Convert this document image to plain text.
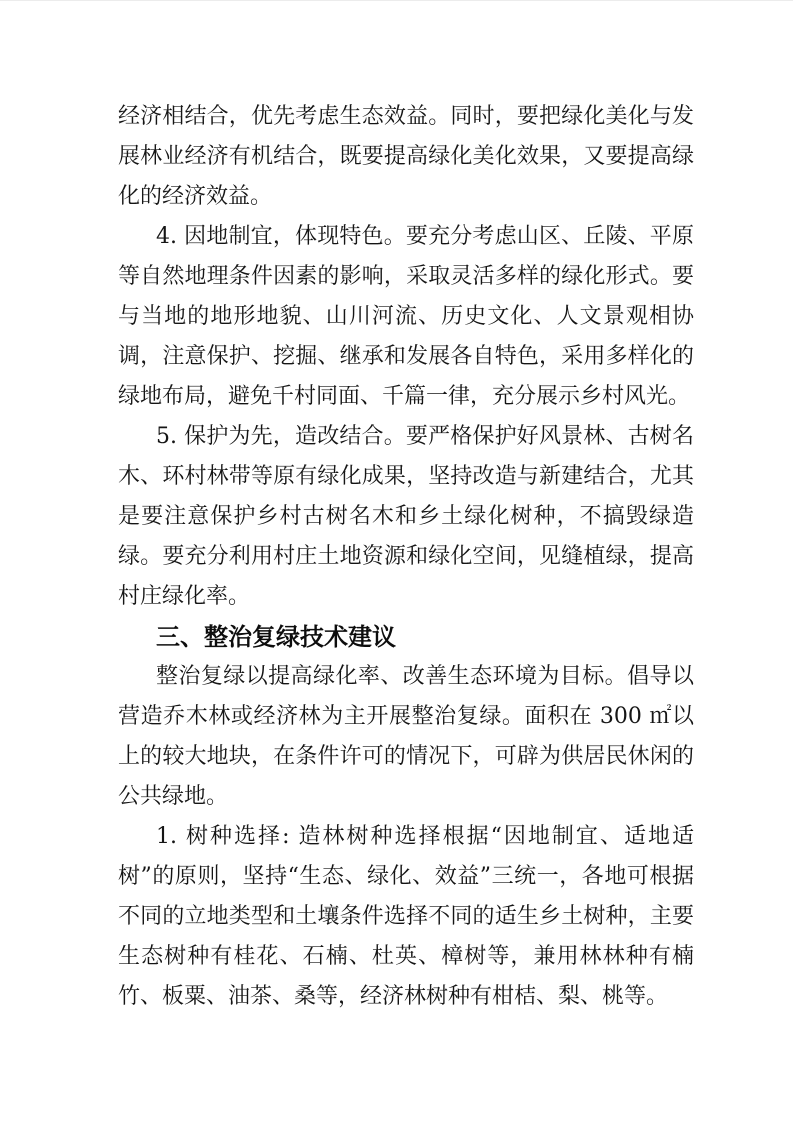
经济相结合，优先考虑生态效益。同时，要把绿化美化与发展林业经济有机结合，既要提高绿化美化效果，又要提高绿化的经济效益。

4. 因地制宜，体现特色。要充分考虑山区、丘陵、平原等自然地理条件因素的影响，采取灵活多样的绿化形式。要与当地的地形地貌、山川河流、历史文化、人文景观相协调，注意保护、挖掘、继承和发展各自特色，采用多样化的绿地布局，避免千村同面、千篇一律，充分展示乡村风光。

5. 保护为先，造改结合。要严格保护好风景林、古树名木、环村林带等原有绿化成果，坚持改造与新建结合，尤其是要注意保护乡村古树名木和乡土绿化树种，不搞毁绿造绿。要充分利用村庄土地资源和绿化空间，见缝植绿，提高村庄绿化率。

三、整治复绿技术建议

整治复绿以提高绿化率、改善生态环境为目标。倡导以营造乔木林或经济林为主开展整治复绿。面积在 300 ㎡以上的较大地块，在条件许可的情况下，可辟为供居民休闲的公共绿地。

1. 树种选择: 造林树种选择根据“因地制宜、适地适树”的原则，坚持“生态、绿化、效益”三统一，各地可根据不同的立地类型和土壤条件选择不同的适生乡土树种，主要生态树种有桂花、石楠、杜英、樟树等，兼用林林种有楠竹、板粟、油茶、桑等，经济林树种有柑桔、梨、桃等。
